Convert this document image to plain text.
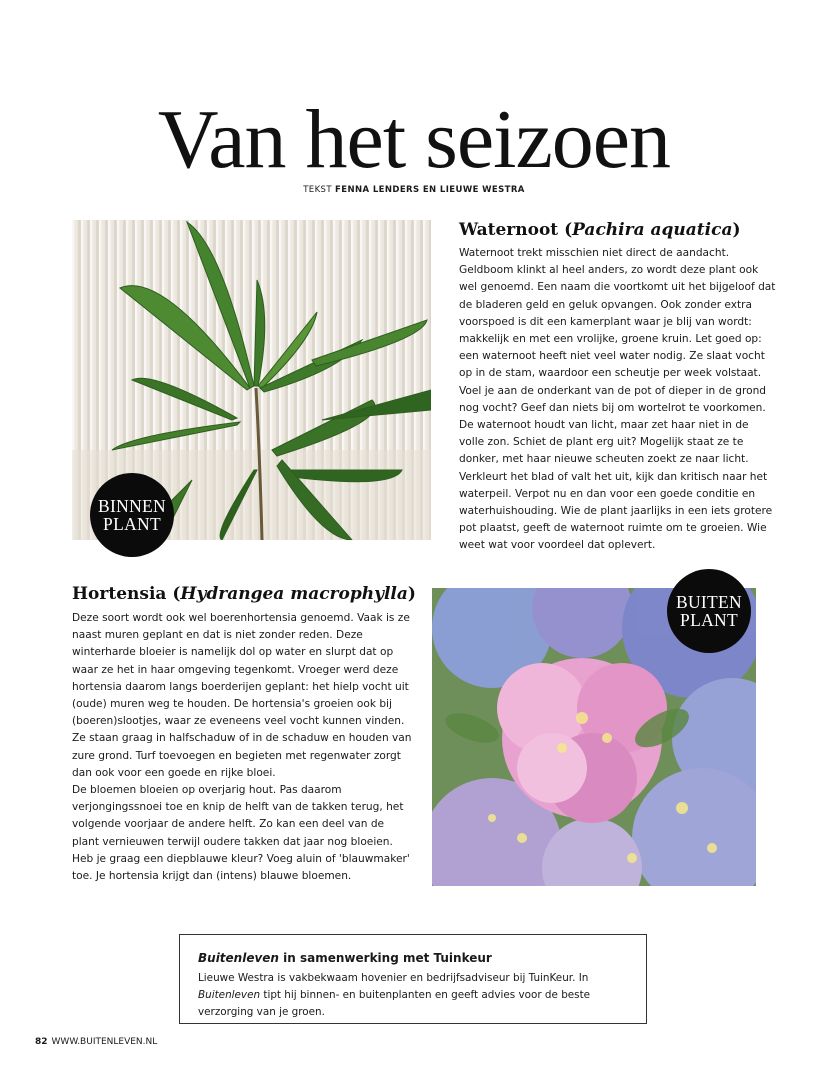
Van het seizoen
TEKST FENNA LENDERS EN LIEUWE WESTRA
BINNEN
PLANT
Waternoot (Pachira aquatica)
Waternoot trekt misschien niet direct de aandacht. Geldboom klinkt al heel anders, zo wordt deze plant ook wel genoemd. Een naam die voortkomt uit het bijgeloof dat de bladeren geld en geluk opvangen. Ook zonder extra voorspoed is dit een kamerplant waar je blij van wordt: makkelijk en met een vrolijke, groene kruin. Let goed op: een waternoot heeft niet veel water nodig. Ze slaat vocht op in de stam, waardoor een scheutje per week volstaat. Voel je aan de onderkant van de pot of dieper in de grond nog vocht? Geef dan niets bij om wortelrot te voorkomen. De waternoot houdt van licht, maar zet haar niet in de volle zon. Schiet de plant erg uit? Mogelijk staat ze te donker, met haar nieuwe scheuten zoekt ze naar licht. Verkleurt het blad of valt het uit, kijk dan kritisch naar het waterpeil. Verpot nu en dan voor een goede conditie en waterhuishouding. Wie de plant jaarlijks in een iets grotere pot plaatst, geeft de waternoot ruimte om te groeien. Wie weet wat voor voordeel dat oplevert.
Hortensia (Hydrangea macrophylla)
Deze soort wordt ook wel boerenhortensia genoemd. Vaak is ze naast muren geplant en dat is niet zonder reden. Deze winterharde bloeier is namelijk dol op water en slurpt dat op waar ze het in haar omgeving tegenkomt. Vroeger werd deze hortensia daarom langs boerderijen geplant: het hielp vocht uit (oude) muren weg te houden. De hortensia's groeien ook bij (boeren)slootjes, waar ze eveneens veel vocht kunnen vinden. Ze staan graag in halfschaduw of in de schaduw en houden van zure grond. Turf toevoegen en begieten met regenwater zorgt dan ook voor een goede en rijke bloei.
De bloemen bloeien op overjarig hout. Pas daarom verjongingssnoei toe en knip de helft van de takken terug, het volgende voorjaar de andere helft. Zo kan een deel van de plant vernieuwen terwijl oudere takken dat jaar nog bloeien. Heb je graag een diepblauwe kleur? Voeg aluin of 'blauwmaker' toe. Je hortensia krijgt dan (intens) blauwe bloemen.
BUITEN
PLANT
Buitenleven in samenwerking met Tuinkeur
Lieuwe Westra is vakbekwaam hovenier en bedrijfsadviseur bij TuinKeur. In Buitenleven tipt hij binnen- en buitenplanten en geeft advies voor de beste verzorging van je groen.
82 WWW.BUITENLEVEN.NL
